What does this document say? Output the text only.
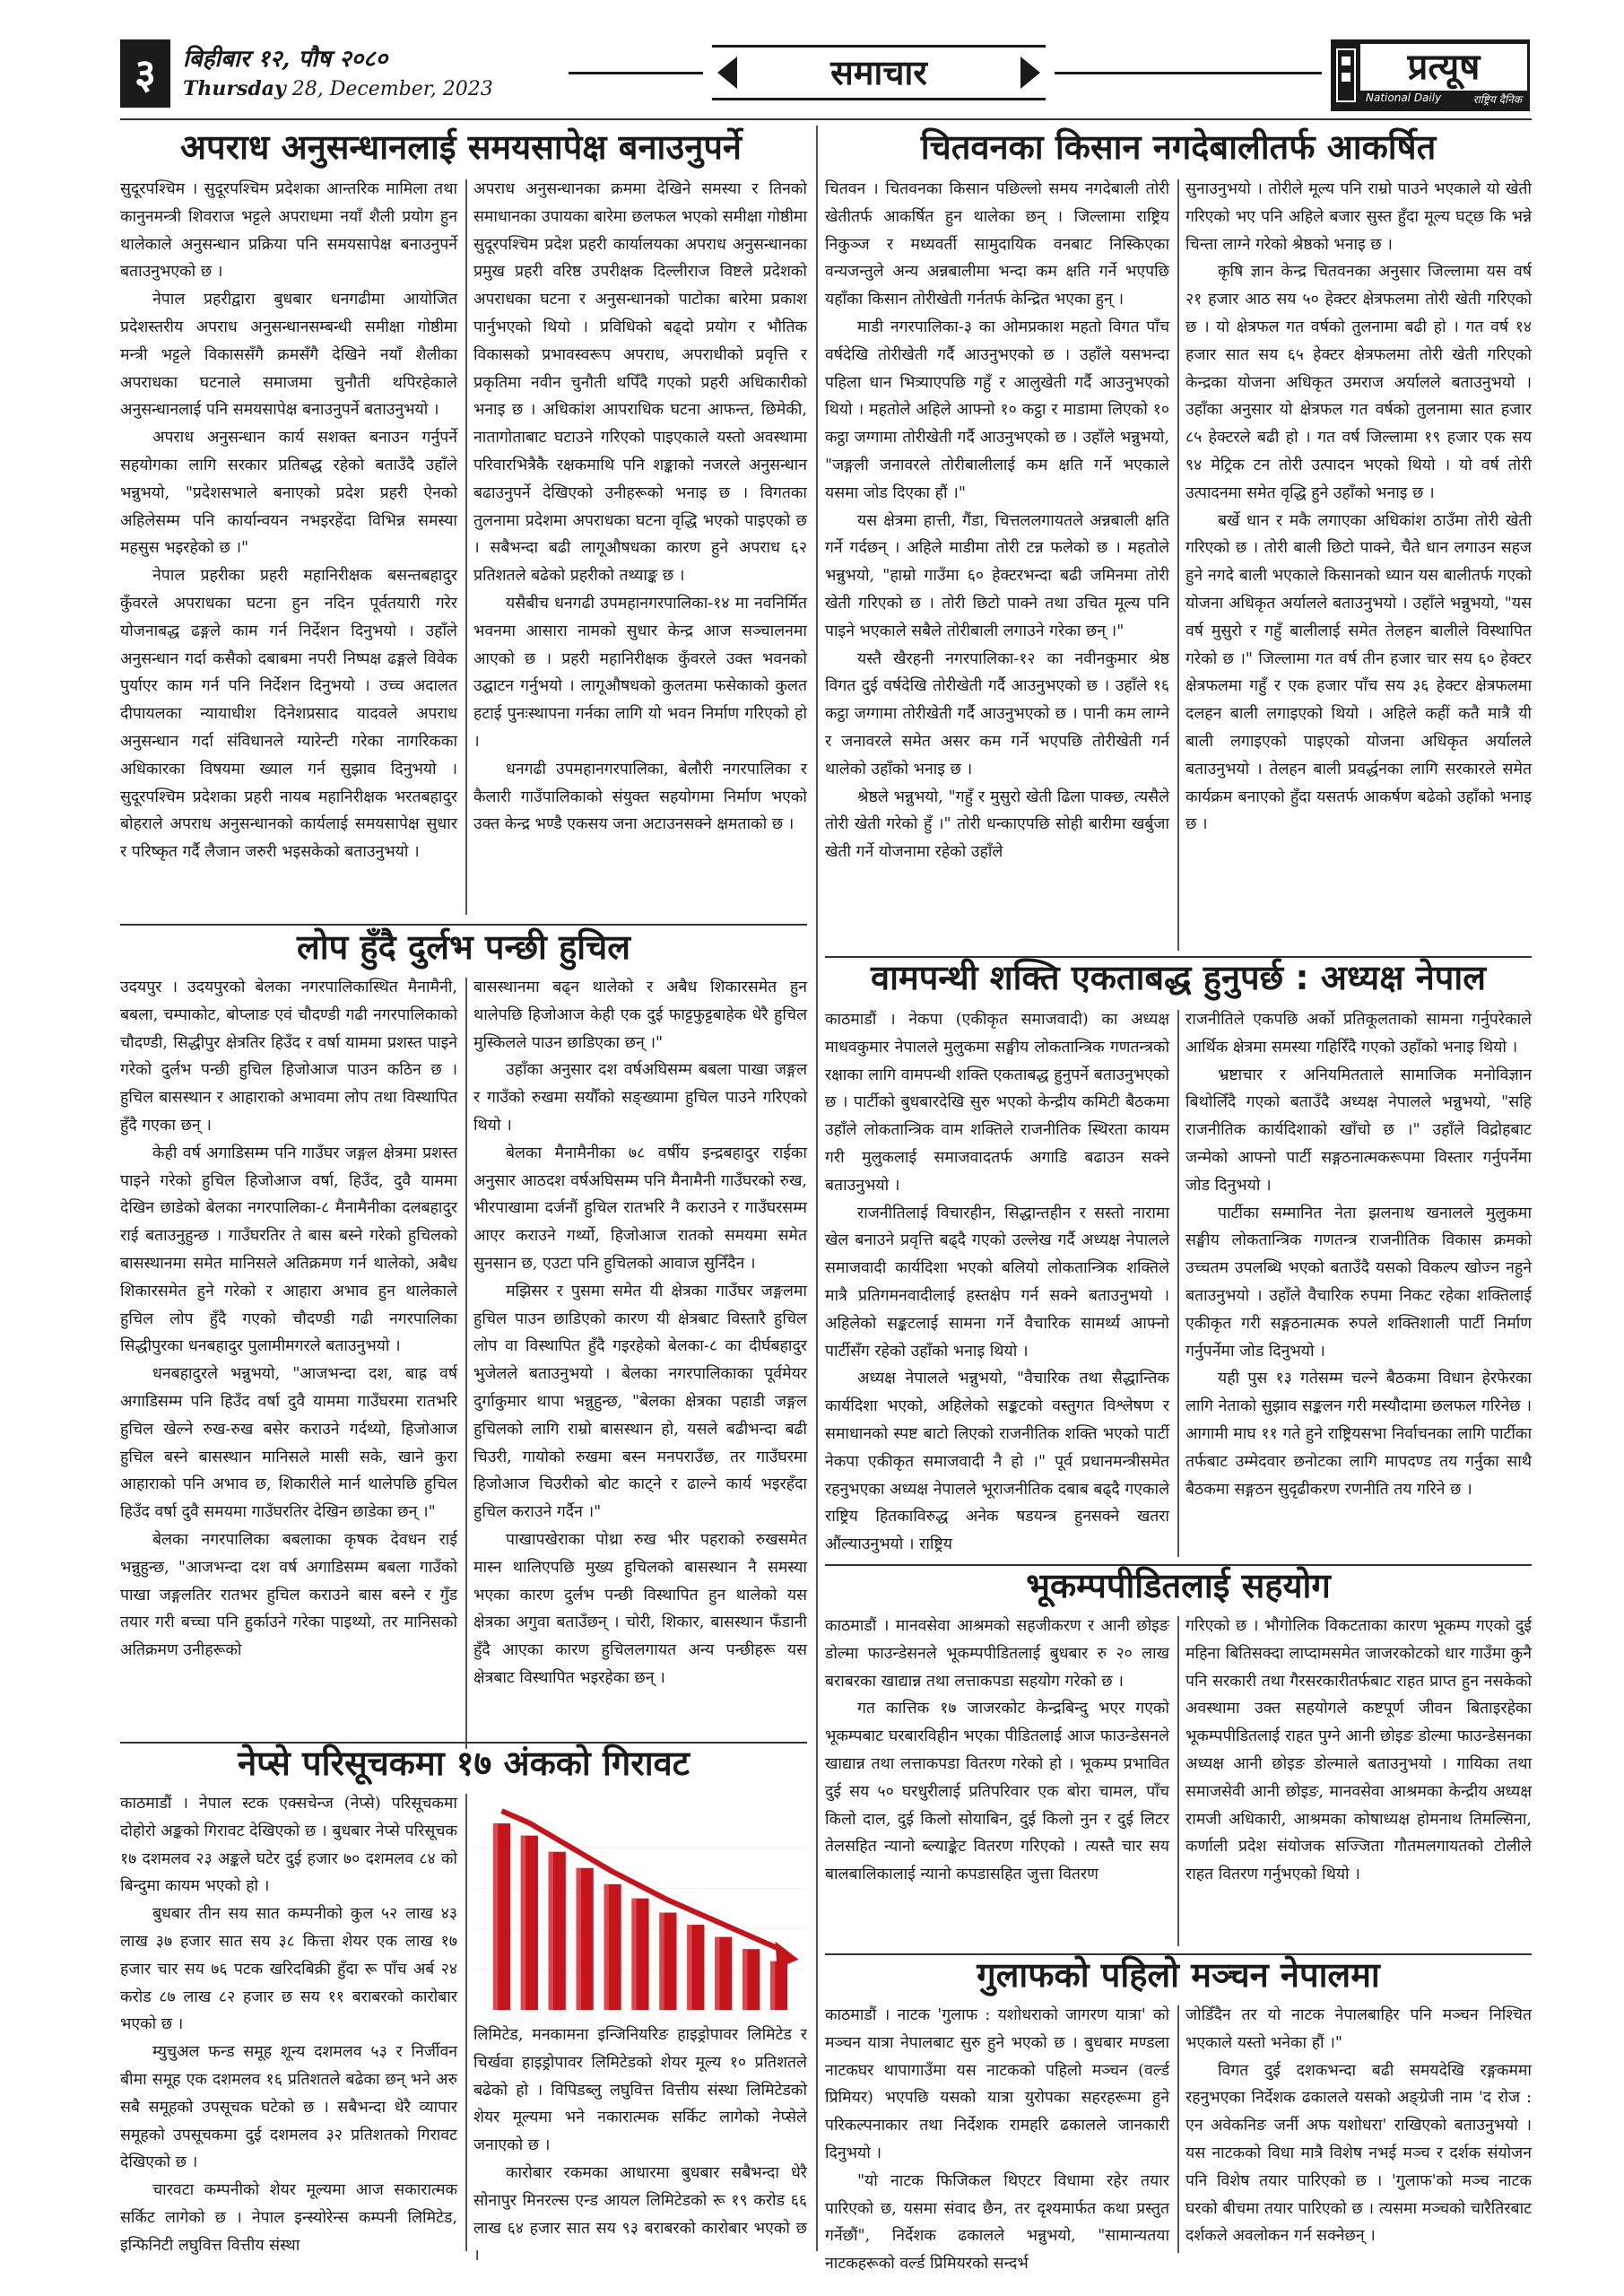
३	बिहीबार १२, पौष २०८०
Thursday 28, December, 2023	समाचार	प्रत्यूष
National Daily	राष्ट्रिय दैनिक
अपराध अनुसन्धानलाई समयसापेक्ष बनाउनुपर्ने

सुदूरपश्चिम । सुदूरपश्चिम प्रदेशका आन्तरिक मामिला तथा कानुनमन्त्री शिवराज भट्टले अपराधमा नयाँ शैली प्रयोग हुन थालेकाले अनुसन्धान प्रक्रिया पनि समयसापेक्ष बनाउनुपर्ने बताउनुभएको छ ।

नेपाल प्रहरीद्वारा बुधबार धनगढीमा आयोजित प्रदेशस्तरीय अपराध अनुसन्धानसम्बन्धी समीक्षा गोष्ठीमा मन्त्री भट्टले विकाससँगै क्रमसँगै देखिने नयाँ शैलीका अपराधका घटनाले समाजमा चुनौती थपिरहेकाले अनुसन्धानलाई पनि समयसापेक्ष बनाउनुपर्ने बताउनुभयो ।

अपराध अनुसन्धान कार्य सशक्त बनाउन गर्नुपर्ने सहयोगका लागि सरकार प्रतिबद्ध रहेको बताउँदै उहाँले भन्नुभयो, "प्रदेशसभाले बनाएको प्रदेश प्रहरी ऐनको अहिलेसम्म पनि कार्यान्वयन नभइरहेंदा विभिन्न समस्या महसुस भइरहेको छ ।"

नेपाल प्रहरीका प्रहरी महानिरीक्षक बसन्तबहादुर कुँवरले अपराधका घटना हुन नदिन पूर्वतयारी गरेर योजनाबद्ध ढङ्गले काम गर्न निर्देशन दिनुभयो । उहाँले अनुसन्धान गर्दा कसैको दबाबमा नपरी निष्पक्ष ढङ्गले विवेक पुर्याएर काम गर्न पनि निर्देशन दिनुभयो । उच्च अदालत दीपायलका न्यायाधीश दिनेशप्रसाद यादवले अपराध अनुसन्धान गर्दा संविधानले ग्यारेन्टी गरेका नागरिकका अधिकारका विषयमा ख्याल गर्न सुझाव दिनुभयो । सुदूरपश्चिम प्रदेशका प्रहरी नायब महानिरीक्षक भरतबहादुर बोहराले अपराध अनुसन्धानको कार्यलाई समयसापेक्ष सुधार र परिष्कृत गर्दै लैजान जरुरी भइसकेको बताउनुभयो ।

अपराध अनुसन्धानका क्रममा देखिने समस्या र तिनको समाधानका उपायका बारेमा छलफल भएको समीक्षा गोष्ठीमा सुदूरपश्चिम प्रदेश प्रहरी कार्यालयका अपराध अनुसन्धानका प्रमुख प्रहरी वरिष्ठ उपरीक्षक दिल्लीराज विष्टले प्रदेशको अपराधका घटना र अनुसन्धानको पाटोका बारेमा प्रकाश पार्नुभएको थियो । प्रविधिको बढ्दो प्रयोग र भौतिक विकासको प्रभावस्वरूप अपराध, अपराधीको प्रवृत्ति र प्रकृतिमा नवीन चुनौती थपिँदै गएको प्रहरी अधिकारीको भनाइ छ । अधिकांश आपराधिक घटना आफन्त, छिमेकी, नातागोताबाट घटाउने गरिएको पाइएकाले यस्तो अवस्थामा परिवारभित्रैकै रक्षकमाथि पनि शङ्काको नजरले अनुसन्धान बढाउनुपर्ने देखिएको उनीहरूको भनाइ छ । विगतका तुलनामा प्रदेशमा अपराधका घटना वृद्धि भएको पाइएको छ । सबैभन्दा बढी लागूऔषधका कारण हुने अपराध ६२ प्रतिशतले बढेको प्रहरीको तथ्याङ्क छ ।

यसैबीच धनगढी उपमहानगरपालिका-१४ मा नवनिर्मित भवनमा आसारा नामको सुधार केन्द्र आज सञ्चालनमा आएको छ । प्रहरी महानिरीक्षक कुँवरले उक्त भवनको उद्घाटन गर्नुभयो । लागूऔषधको कुलतमा फसेकाको कुलत हटाई पुनःस्थापना गर्नका लागि यो भवन निर्माण गरिएको हो ।

धनगढी उपमहानगरपालिका, बेलौरी नगरपालिका र कैलारी गाउँपालिकाको संयुक्त सहयोगमा निर्माण भएको उक्त केन्द्र भण्डै एकसय जना अटाउनसक्ने क्षमताको छ ।

लोप हुँदै दुर्लभ पन्छी हुचिल

उदयपुर । उदयपुरको बेलका नगरपालिकास्थित मैनामैनी, बबला, चम्पाकोट, बोप्लाङ एवं चौदण्डी गढी नगरपालिकाको चौदण्डी, सिद्धीपुर क्षेत्रतिर हिउँद र वर्षा याममा प्रशस्त पाइने गरेको दुर्लभ पन्छी हुचिल हिजोआज पाउन कठिन छ । हुचिल बासस्थान र आहाराको अभावमा लोप तथा विस्थापित हुँदै गएका छन् ।

केही वर्ष अगाडिसम्म पनि गाउँघर जङ्गल क्षेत्रमा प्रशस्त पाइने गरेको हुचिल हिजोआज वर्षा, हिउँद, दुवै याममा देखिन छाडेको बेलका नगरपालिका-८ मैनामैनीका दलबहादुर राई बताउनुहुन्छ । गाउँघरतिर ते बास बस्ने गरेको हुचिलको बासस्थानमा समेत मानिसले अतिक्रमण गर्न थालेको, अबैध शिकारसमेत हुने गरेको र आहारा अभाव हुन थालेकाले हुचिल लोप हुँदै गएको चौदण्डी गढी नगरपालिका सिद्धीपुरका धनबहादुर पुलामीमगरले बताउनुभयो ।

धनबहादुरले भन्नुभयो, "आजभन्दा दश, बाह्र वर्ष अगाडिसम्म पनि हिउँद वर्षा दुवै याममा गाउँघरमा रातभरि हुचिल खेल्ने रुख-रुख बसेर कराउने गर्दथ्यो, हिजोआज हुचिल बस्ने बासस्थान मानिसले मासी सके, खाने कुरा आहाराको पनि अभाव छ, शिकारीले मार्न थालेपछि हुचिल हिउँद वर्षा दुवै समयमा गाउँघरतिर देखिन छाडेका छन् ।"

बेलका नगरपालिका बबलाका कृषक देवधन राई भन्नुहुन्छ, "आजभन्दा दश वर्ष अगाडिसम्म बबला गाउँको पाखा जङ्गलतिर रातभर हुचिल कराउने बास बस्ने र गुँड तयार गरी बच्चा पनि हुर्काउने गरेका पाइथ्यो, तर मानिसको अतिक्रमण उनीहरूको

बासस्थानमा बढ्न थालेको र अबैध शिकारसमेत हुन थालेपछि हिजोआज केही एक दुई फाट्टफुट्टबाहेक धेरै हुचिल मुस्किलले पाउन छाडिएका छन् ।"

उहाँका अनुसार दश वर्षअघिसम्म बबला पाखा जङ्गल र गाउँको रुखमा सयौँको सङ्ख्यामा हुचिल पाउने गरिएको थियो ।

बेलका मैनामैनीका ७८ वर्षीय इन्द्रबहादुर राईका अनुसार आठदश वर्षअघिसम्म पनि मैनामैनी गाउँघरको रुख, भीरपाखामा दर्जनौं हुचिल रातभरि नै कराउने र गाउँघरसम्म आएर कराउने गर्थ्यो, हिजोआज रातको समयमा समेत सुनसान छ, एउटा पनि हुचिलको आवाज सुनिँदैन ।

मझिसर र पुसमा समेत यी क्षेत्रका गाउँघर जङ्गलमा हुचिल पाउन छाडिएको कारण यी क्षेत्रबाट विस्तारै हुचिल लोप वा विस्थापित हुँदै गइरहेको बेलका-८ का दीर्घबहादुर भुजेलले बताउनुभयो । बेलका नगरपालिकाका पूर्वमेयर दुर्गाकुमार थापा भन्नुहुन्छ, "बेलका क्षेत्रका पहाडी जङ्गल हुचिलको लागि राम्रो बासस्थान हो, यसले बढीभन्दा बढी चिउरी, गायोको रुखमा बस्न मनपराउँछ, तर गाउँघरमा हिजोआज चिउरीको बोट काट्ने र ढाल्ने कार्य भइरहँदा हुचिल कराउने गर्दैन ।"

पाखापखेराका पोथ्रा रुख भीर पहराको रुखसमेत मास्न थालिएपछि मुख्य हुचिलको बासस्थान नै समस्या भएका कारण दुर्लभ पन्छी विस्थापित हुन थालेको यस क्षेत्रका अगुवा बताउँछन् । चोरी, शिकार, बासस्थान फँडानी हुँदै आएका कारण हुचिललगायत अन्य पन्छीहरू यस क्षेत्रबाट विस्थापित भइरहेका छन् ।

नेप्से परिसूचकमा १७ अंकको गिरावट

काठमाडौं । नेपाल स्टक एक्सचेन्ज (नेप्से) परिसूचकमा दोहोरो अङ्कको गिरावट देखिएको छ । बुधबार नेप्से परिसूचक १७ दशमलव २३ अङ्कले घटेर दुई हजार ७० दशमलव ८४ को बिन्दुमा कायम भएको हो ।

बुधबार तीन सय सात कम्पनीको कुल ५२ लाख ४३ लाख ३७ हजार सात सय ३८ कित्ता शेयर एक लाख १७ हजार चार सय ७६ पटक खरिदबिक्री हुँदा रू पाँच अर्ब २४ करोड ८७ लाख ८२ हजार छ सय ११ बराबरको कारोबार भएको छ ।

म्युचुअल फन्ड समूह शून्य दशमलव ५३ र निर्जीवन बीमा समूह एक दशमलव १६ प्रतिशतले बढेका छन् भने अरु सबै समूहको उपसूचक घटेको छ । सबैभन्दा धेरै व्यापार समूहको उपसूचकमा दुई दशमलव ३२ प्रतिशतको गिरावट देखिएको छ ।

चारवटा कम्पनीको शेयर मूल्यमा आज सकारात्मक सर्किट लागेको छ । नेपाल इन्स्योरेन्स कम्पनी लिमिटेड, इन्फिनिटी लघुवित्त वित्तीय संस्था

लिमिटेड, मनकामना इन्जिनियरिङ हाइड्रोपावर लिमिटेड र चिर्खवा हाइड्रोपावर लिमिटेडको शेयर मूल्य १० प्रतिशतले बढेको हो । विपिडब्लु लघुवित्त वित्तीय संस्था लिमिटेडको शेयर मूल्यमा भने नकारात्मक सर्किट लागेको नेप्सेले जनाएको छ ।

कारोबार रकमका आधारमा बुधबार सबैभन्दा धेरै सोनापुर मिनरल्स एन्ड आयल लिमिटेडको रू १९ करोड ६६ लाख ६४ हजार सात सय ९३ बराबरको कारोबार भएको छ ।

चितवनका किसान नगदेबालीतर्फ आकर्षित

चितवन । चितवनका किसान पछिल्लो समय नगदेबाली तोरी खेतीतर्फ आकर्षित हुन थालेका छन् । जिल्लामा राष्ट्रिय निकुञ्ज र मध्यवर्ती सामुदायिक वनबाट निस्किएका वन्यजन्तुले अन्य अन्नबालीमा भन्दा कम क्षति गर्ने भएपछि यहाँका किसान तोरीखेती गर्नतर्फ केन्द्रित भएका हुन् ।

माडी नगरपालिका-३ का ओमप्रकाश महतो विगत पाँच वर्षदेखि तोरीखेती गर्दै आउनुभएको छ । उहाँले यसभन्दा पहिला धान भित्र्याएपछि गहुँ र आलुखेती गर्दै आउनुभएको थियो । महतोले अहिले आफ्नो १० कट्ठा र माडामा लिएको १० कट्ठा जग्गामा तोरीखेती गर्दै आउनुभएको छ । उहाँले भन्नुभयो, "जङ्गली जनावरले तोरीबालीलाई कम क्षति गर्ने भएकाले यसमा जोड दिएका हौं ।"

यस क्षेत्रमा हात्ती, गैंडा, चित्तललगायतले अन्नबाली क्षति गर्ने गर्दछन् । अहिले माडीमा तोरी टन्न फलेको छ । महतोले भन्नुभयो, "हाम्रो गाउँमा ६० हेक्टरभन्दा बढी जमिनमा तोरी खेती गरिएको छ । तोरी छिटो पाक्ने तथा उचित मूल्य पनि पाइने भएकाले सबैले तोरीबाली लगाउने गरेका छन् ।"

यस्तै खैरहनी नगरपालिका-१२ का नवीनकुमार श्रेष्ठ विगत दुई वर्षदेखि तोरीखेती गर्दै आउनुभएको छ । उहाँले १६ कट्ठा जग्गामा तोरीखेती गर्दै आउनुभएको छ । पानी कम लाग्ने र जनावरले समेत असर कम गर्ने भएपछि तोरीखेती गर्न थालेको उहाँको भनाइ छ ।

श्रेष्ठले भन्नुभयो, "गहुँ र मुसुरो खेती ढिला पाक्छ, त्यसैले तोरी खेती गरेको हुँ ।" तोरी धन्काएपछि सोही बारीमा खर्बुजा खेती गर्ने योजनामा रहेको उहाँले

सुनाउनुभयो । तोरीले मूल्य पनि राम्रो पाउने भएकाले यो खेती गरिएको भए पनि अहिले बजार सुस्त हुँदा मूल्य घट्छ कि भन्ने चिन्ता लाग्ने गरेको श्रेष्ठको भनाइ छ ।

कृषि ज्ञान केन्द्र चितवनका अनुसार जिल्लामा यस वर्ष २१ हजार आठ सय ५० हेक्टर क्षेत्रफलमा तोरी खेती गरिएको छ । यो क्षेत्रफल गत वर्षको तुलनामा बढी हो । गत वर्ष १४ हजार सात सय ६५ हेक्टर क्षेत्रफलमा तोरी खेती गरिएको केन्द्रका योजना अधिकृत उमराज अर्यालले बताउनुभयो । उहाँका अनुसार यो क्षेत्रफल गत वर्षको तुलनामा सात हजार ८५ हेक्टरले बढी हो । गत वर्ष जिल्लामा १९ हजार एक सय ९४ मेट्रिक टन तोरी उत्पादन भएको थियो । यो वर्ष तोरी उत्पादनमा समेत वृद्धि हुने उहाँको भनाइ छ ।

बर्खे धान र मकै लगाएका अधिकांश ठाउँमा तोरी खेती गरिएको छ । तोरी बाली छिटो पाक्ने, चैते धान लगाउन सहज हुने नगदे बाली भएकाले किसानको ध्यान यस बालीतर्फ गएको योजना अधिकृत अर्यालले बताउनुभयो । उहाँले भन्नुभयो, "यस वर्ष मुसुरो र गहुँ बालीलाई समेत तेलहन बालीले विस्थापित गरेको छ ।" जिल्लामा गत वर्ष तीन हजार चार सय ६० हेक्टर क्षेत्रफलमा गहुँ र एक हजार पाँच सय ३६ हेक्टर क्षेत्रफलमा दलहन बाली लगाइएको थियो । अहिले कहीं कतै मात्रै यी बाली लगाइएको पाइएको योजना अधिकृत अर्यालले बताउनुभयो । तेलहन बाली प्रवर्द्धनका लागि सरकारले समेत कार्यक्रम बनाएको हुँदा यसतर्फ आकर्षण बढेको उहाँको भनाइ छ ।

वामपन्थी शक्ति एकताबद्ध हुनुपर्छ : अध्यक्ष नेपाल

काठमाडौं । नेकपा (एकीकृत समाजवादी) का अध्यक्ष माधवकुमार नेपालले मुलुकमा सङ्घीय लोकतान्त्रिक गणतन्त्रको रक्षाका लागि वामपन्थी शक्ति एकताबद्ध हुनुपर्ने बताउनुभएको छ । पार्टीको बुधबारदेखि सुरु भएको केन्द्रीय कमिटी बैठकमा उहाँले लोकतान्त्रिक वाम शक्तिले राजनीतिक स्थिरता कायम गरी मुलुकलाई समाजवादतर्फ अगाडि बढाउन सक्ने बताउनुभयो ।

राजनीतिलाई विचारहीन, सिद्धान्तहीन र सस्तो नारामा खेल बनाउने प्रवृत्ति बढ्दै गएको उल्लेख गर्दै अध्यक्ष नेपालले समाजवादी कार्यदिशा भएको बलियो लोकतान्त्रिक शक्तिले मात्रै प्रतिगमनवादीलाई हस्तक्षेप गर्न सक्ने बताउनुभयो । अहिलेको सङ्कटलाई सामना गर्ने वैचारिक सामर्थ्य आफ्नो पार्टीसँग रहेको उहाँको भनाइ थियो ।

अध्यक्ष नेपालले भन्नुभयो, "वैचारिक तथा सैद्धान्तिक कार्यदिशा भएको, अहिलेको सङ्कटको वस्तुगत विश्लेषण र समाधानको स्पष्ट बाटो लिएको राजनीतिक शक्ति भएको पार्टी नेकपा एकीकृत समाजवादी नै हो ।" पूर्व प्रधानमन्त्रीसमेत रहनुभएका अध्यक्ष नेपालले भूराजनीतिक दबाब बढ्दै गएकाले राष्ट्रिय हितकाविरुद्ध अनेक षडयन्त्र हुनसक्ने खतरा औंल्याउनुभयो । राष्ट्रिय

राजनीतिले एकपछि अर्को प्रतिकूलताको सामना गर्नुपरेकाले आर्थिक क्षेत्रमा समस्या गहिरिँदै गएको उहाँको भनाइ थियो ।

भ्रष्टाचार र अनियमितताले सामाजिक मनोविज्ञान बिथोलिँदै गएको बताउँदै अध्यक्ष नेपालले भन्नुभयो, "सहि राजनीतिक कार्यदिशाको खाँचो छ ।" उहाँले विद्रोहबाट जन्मेको आफ्नो पार्टी सङ्गठनात्मकरूपमा विस्तार गर्नुपर्नेमा जोड दिनुभयो ।

पार्टीका सम्मानित नेता झलनाथ खनालले मुलुकमा सङ्घीय लोकतान्त्रिक गणतन्त्र राजनीतिक विकास क्रमको उच्चतम उपलब्धि भएको बताउँदै यसको विकल्प खोज्न नहुने बताउनुभयो । उहाँले वैचारिक रुपमा निकट रहेका शक्तिलाई एकीकृत गरी सङ्गठनात्मक रुपले शक्तिशाली पार्टी निर्माण गर्नुपर्नेमा जोड दिनुभयो ।

यही पुस १३ गतेसम्म चल्ने बैठकमा विधान हेरफेरका लागि नेताको सुझाव सङ्कलन गरी मस्यौदामा छलफल गरिनेछ । आगामी माघ ११ गते हुने राष्ट्रियसभा निर्वाचनका लागि पार्टीका तर्फबाट उम्मेदवार छनोटका लागि मापदण्ड तय गर्नुका साथै बैठकमा सङ्गठन सुदृढीकरण रणनीति तय गरिने छ ।

भूकम्पपीडितलाई सहयोग

काठमाडौं । मानवसेवा आश्रमको सहजीकरण र आनी छोइङ डोल्मा फाउन्डेसनले भूकम्पपीडितलाई बुधबार रु २० लाख बराबरका खाद्यान्न तथा लत्ताकपडा सहयोग गरेको छ ।

गत कात्तिक १७ जाजरकोट केन्द्रबिन्दु भएर गएको भूकम्पबाट घरबारविहीन भएका पीडितलाई आज फाउन्डेसनले खाद्यान्न तथा लत्ताकपडा वितरण गरेको हो । भूकम्प प्रभावित दुई सय ५० घरधुरीलाई प्रतिपरिवार एक बोरा चामल, पाँच किलो दाल, दुई किलो सोयाबिन, दुई किलो नुन र दुई लिटर तेलसहित न्यानो ब्ल्याङ्केट वितरण गरिएको । त्यस्तै चार सय बालबालिकालाई न्यानो कपडासहित जुत्ता वितरण

गरिएको छ । भौगोलिक विकटताका कारण भूकम्प गएको दुई महिना बितिसक्दा लाप्दामसमेत जाजरकोटको धार गाउँमा कुनै पनि सरकारी तथा गैरसरकारीतर्फबाट राहत प्राप्त हुन नसकेको अवस्थामा उक्त सहयोगले कष्टपूर्ण जीवन बिताइरहेका भूकम्पपीडितलाई राहत पुग्ने आनी छोइङ डोल्मा फाउन्डेसनका अध्यक्ष आनी छोइङ डोल्माले बताउनुभयो । गायिका तथा समाजसेवी आनी छोइङ, मानवसेवा आश्रमका केन्द्रीय अध्यक्ष रामजी अधिकारी, आश्रमका कोषाध्यक्ष होमनाथ तिमल्सिना, कर्णाली प्रदेश संयोजक सज्जिता गौतमलगायतको टोलीले राहत वितरण गर्नुभएको थियो ।

गुलाफको पहिलो मञ्चन नेपालमा

काठमाडौं । नाटक 'गुलाफ : यशोधराको जागरण यात्रा' को मञ्चन यात्रा नेपालबाट सुरु हुने भएको छ । बुधबार मण्डला नाटकघर थापागाउँमा यस नाटकको पहिलो मञ्चन (वर्ल्ड प्रिमियर) भएपछि यसको यात्रा युरोपका सहरहरूमा हुने परिकल्पनाकार तथा निर्देशक रामहरि ढकालले जानकारी दिनुभयो ।

"यो नाटक फिजिकल थिएटर विधामा रहेर तयार पारिएको छ, यसमा संवाद छैन, तर दृश्यमार्फत कथा प्रस्तुत गर्नेछौं", निर्देशक ढकालले भन्नुभयो, "सामान्यतया नाटकहरूको वर्ल्ड प्रिमियरको सन्दर्भ

जोडिँदैन तर यो नाटक नेपालबाहिर पनि मञ्चन निश्चित भएकाले यस्तो भनेका हौं ।"

विगत दुई दशकभन्दा बढी समयदेखि रङ्गकममा रहनुभएका निर्देशक ढकालले यसको अङ्ग्रेजी नाम 'द रोज : एन अवेकनिङ जर्नी अफ यशोधरा' राखिएको बताउनुभयो । यस नाटकको विधा मात्रै विशेष नभई मञ्च र दर्शक संयोजन पनि विशेष तयार पारिएको छ । 'गुलाफ'को मञ्च नाटक घरको बीचमा तयार पारिएको छ । त्यसमा मञ्चको चारैतिरबाट दर्शकले अवलोकन गर्न सक्नेछन् ।
